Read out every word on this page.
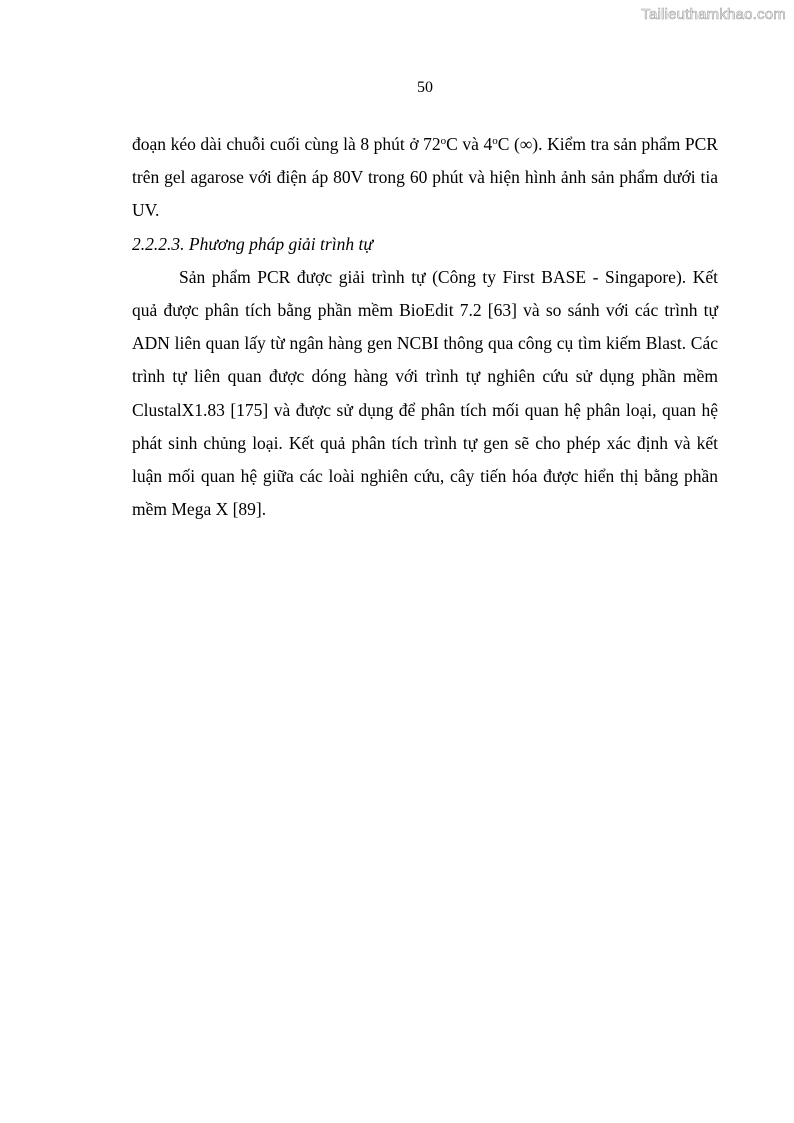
Tailieuthamkhao.com
50

đoạn kéo dài chuỗi cuối cùng là 8 phút ở 72$^o$C và 4$^o$C (∞). Kiểm tra sản phẩm PCR trên gel agarose với điện áp 80V trong 60 phút và hiện hình ảnh sản phẩm dưới tia UV.

2.2.2.3. Phương pháp giải trình tự

Sản phẩm PCR được giải trình tự (Công ty First BASE - Singapore). Kết quả được phân tích bằng phần mềm BioEdit 7.2 [63] và so sánh với các trình tự ADN liên quan lấy từ ngân hàng gen NCBI thông qua công cụ tìm kiếm Blast. Các trình tự liên quan được dóng hàng với trình tự nghiên cứu sử dụng phần mềm ClustalX1.83 [175] và được sử dụng để phân tích mối quan hệ phân loại, quan hệ phát sinh chủng loại. Kết quả phân tích trình tự gen sẽ cho phép xác định và kết luận mối quan hệ giữa các loài nghiên cứu, cây tiến hóa được hiển thị bằng phần mềm Mega X [89].
